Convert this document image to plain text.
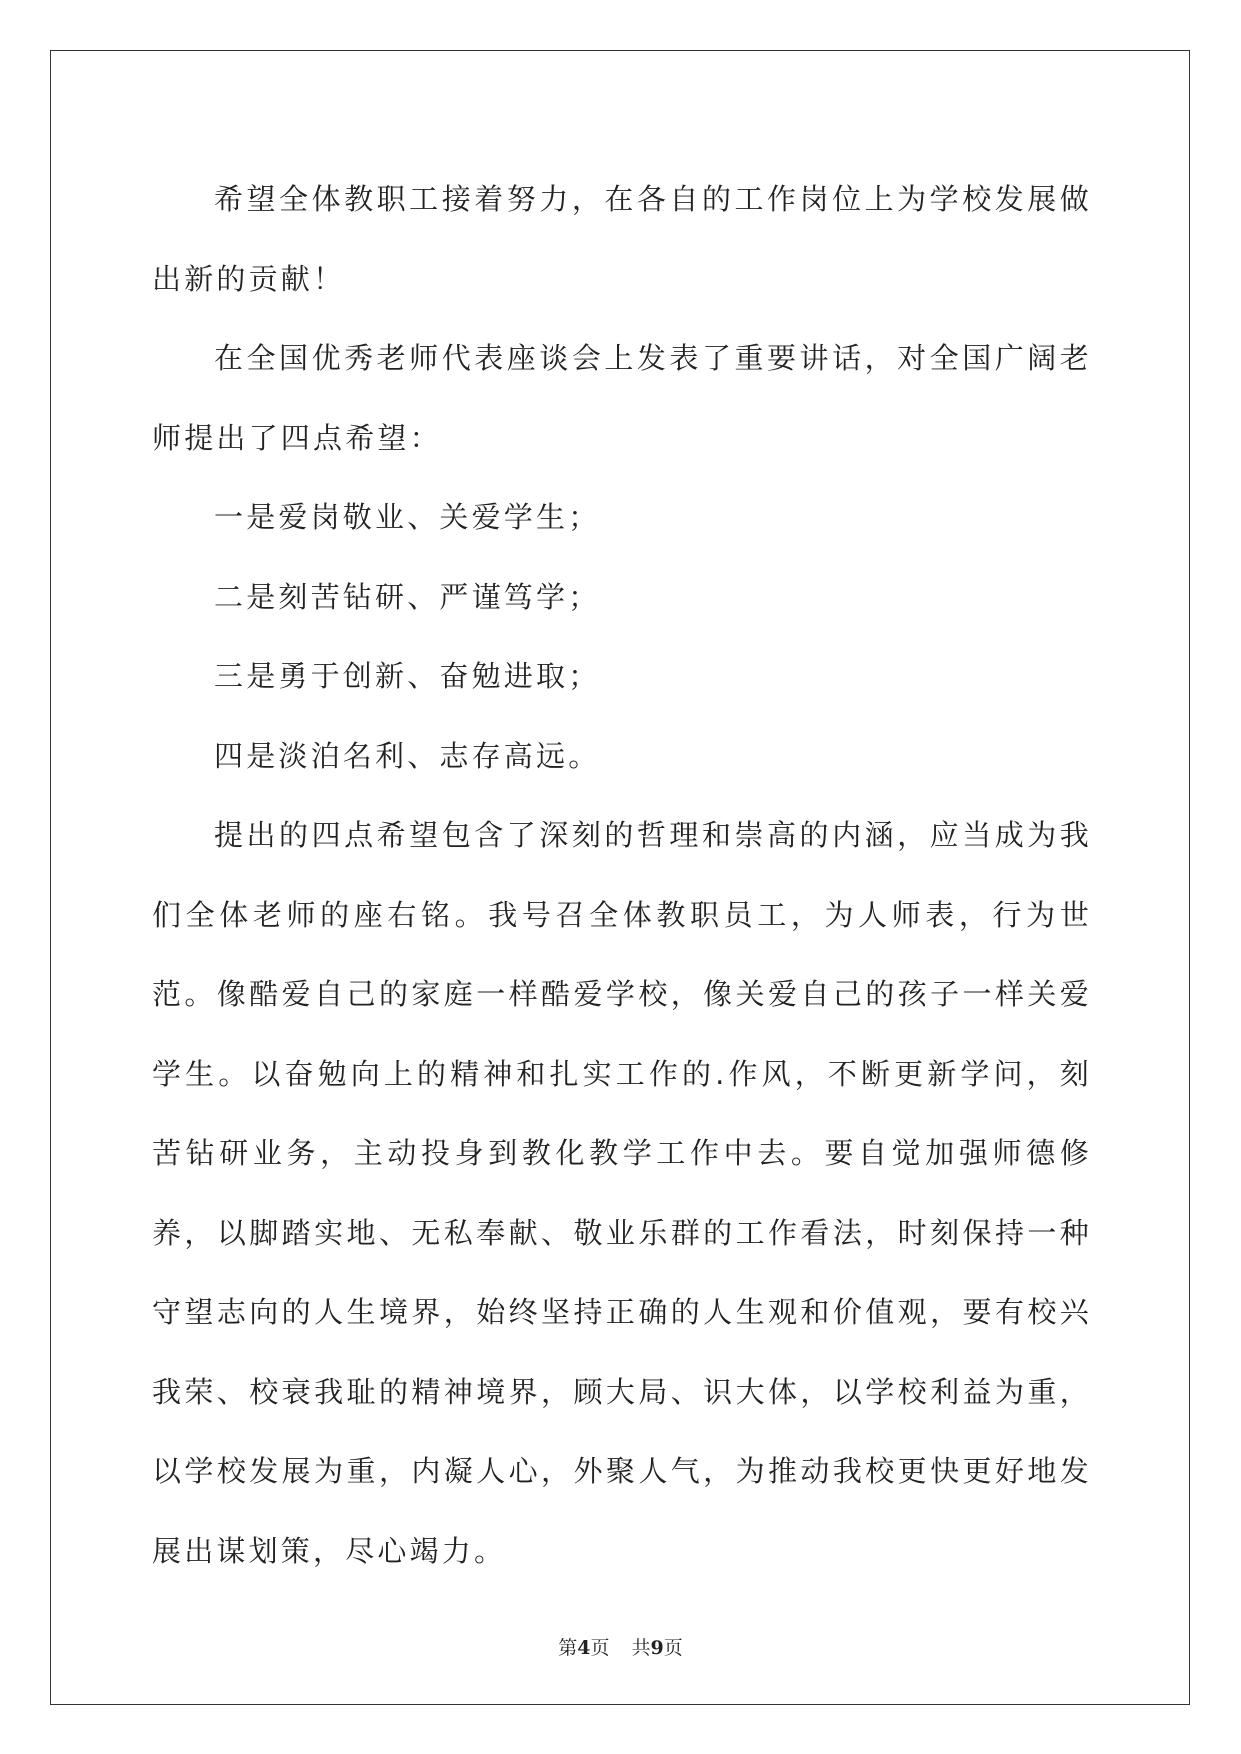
希望全体教职工接着努力，在各自的工作岗位上为学校发展做出新的贡献！

在全国优秀老师代表座谈会上发表了重要讲话，对全国广阔老师提出了四点希望：

一是爱岗敬业、关爱学生；

二是刻苦钻研、严谨笃学；

三是勇于创新、奋勉进取；

四是淡泊名利、志存高远。

提出的四点希望包含了深刻的哲理和崇高的内涵，应当成为我们全体老师的座右铭。我号召全体教职员工，为人师表，行为世范。像酷爱自己的家庭一样酷爱学校，像关爱自己的孩子一样关爱学生。以奋勉向上的精神和扎实工作的.作风，不断更新学问，刻苦钻研业务，主动投身到教化教学工作中去。要自觉加强师德修养，以脚踏实地、无私奉献、敬业乐群的工作看法，时刻保持一种守望志向的人生境界，始终坚持正确的人生观和价值观，要有校兴我荣、校衰我耻的精神境界，顾大局、识大体，以学校利益为重，以学校发展为重，内凝人心，外聚人气，为推动我校更快更好地发展出谋划策，尽心竭力。

第4页 共9页
